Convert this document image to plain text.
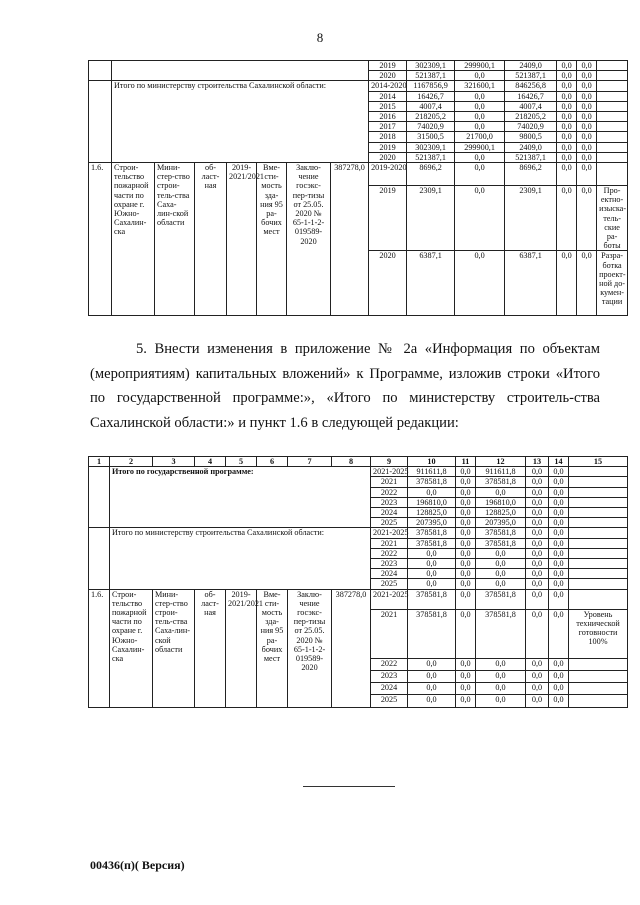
8
								2019	302309,1	299900,1	2409,0	0,0	0,0	
								2020	521387,1	0,0	521387,1	0,0	0,0	
	Итого по министерству строительства Сахалинской области:							2014-2020	1167856,9	321600,1	846256,8	0,0	0,0	
								2014	16426,7	0,0	16426,7	0,0	0,0	
								2015	4007,4	0,0	4007,4	0,0	0,0	
								2016	218205,2	0,0	218205,2	0,0	0,0	
								2017	74020,9	0,0	74020,9	0,0	0,0	
								2018	31500,5	21700,0	9800,5	0,0	0,0	
								2019	302309,1	299900,1	2409,0	0,0	0,0	
								2020	521387,1	0,0	521387,1	0,0	0,0	
1.6.	Строи-тельство пожарной части по охране г. Южно-Сахалин-ска	Мини-стер-ство строи-тель-ства Саха-лин-ской области	об-ласт-ная	2019-2021/2021	Вме-сти-мость зда-ния 95 ра-бочих мест	Заклю-чение госэкс-пер-тизы от 25.05. 2020 № 65-1-1-2-019589-2020	387278,0	2019-2020	8696,2	0,0	8696,2	0,0	0,0	
								2019	2309,1	0,0	2309,1	0,0	0,0	Про-ектно-изыска-тель-ские ра-боты
								2020	6387,1	0,0	6387,1	0,0	0,0	Разра-ботка проект-ной до-кумен-тации

5. Внести изменения в приложение № 2а «Информация по объектам (мероприятиям) капитальных вложений» к Программе, изложив строки «Итого по государственной программе:», «Итого по министерству строитель-ства Сахалинской области:» и пункт 1.6 в следующей редакции:

1	2	3	4	5	6	7	8	9	10	11	12	13	14	15
	Итого по государственной программе:							2021-2025	911611,8	0,0	911611,8	0,0	0,0	
								2021	378581,8	0,0	378581,8	0,0	0,0	
								2022	0,0	0,0	0,0	0,0	0,0	
								2023	196810,0	0,0	196810,0	0,0	0,0	
								2024	128825,0	0,0	128825,0	0,0	0,0	
								2025	207395,0	0,0	207395,0	0,0	0,0	
	Итого по министерству строительства Сахалинской области:							2021-2025	378581,8	0,0	378581,8	0,0	0,0	
								2021	378581,8	0,0	378581,8	0,0	0,0	
								2022	0,0	0,0	0,0	0,0	0,0	
								2023	0,0	0,0	0,0	0,0	0,0	
								2024	0,0	0,0	0,0	0,0	0,0	
								2025	0,0	0,0	0,0	0,0	0,0	
1.6.	Строи-тельство пожарной части по охране г. Южно-Сахалин-ска	Мини-стер-ство строи-тель-ства Саха-лин-ской области	об-ласт-ная	2019-2021/2021	Вме-сти-мость зда-ния 95 ра-бочих мест	Заклю-чение госэкс-пер-тизы от 25.05. 2020 № 65-1-1-2-019589-2020	387278,0	2021-2025	378581,8	0,0	378581,8	0,0	0,0	
								2021	378581,8	0,0	378581,8	0,0	0,0	Уровень технической готовности 100%
								2022	0,0	0,0	0,0	0,0	0,0	
								2023	0,0	0,0	0,0	0,0	0,0	
								2024	0,0	0,0	0,0	0,0	0,0	
								2025	0,0	0,0	0,0	0,0	0,0	
00436(п)( Версия)
